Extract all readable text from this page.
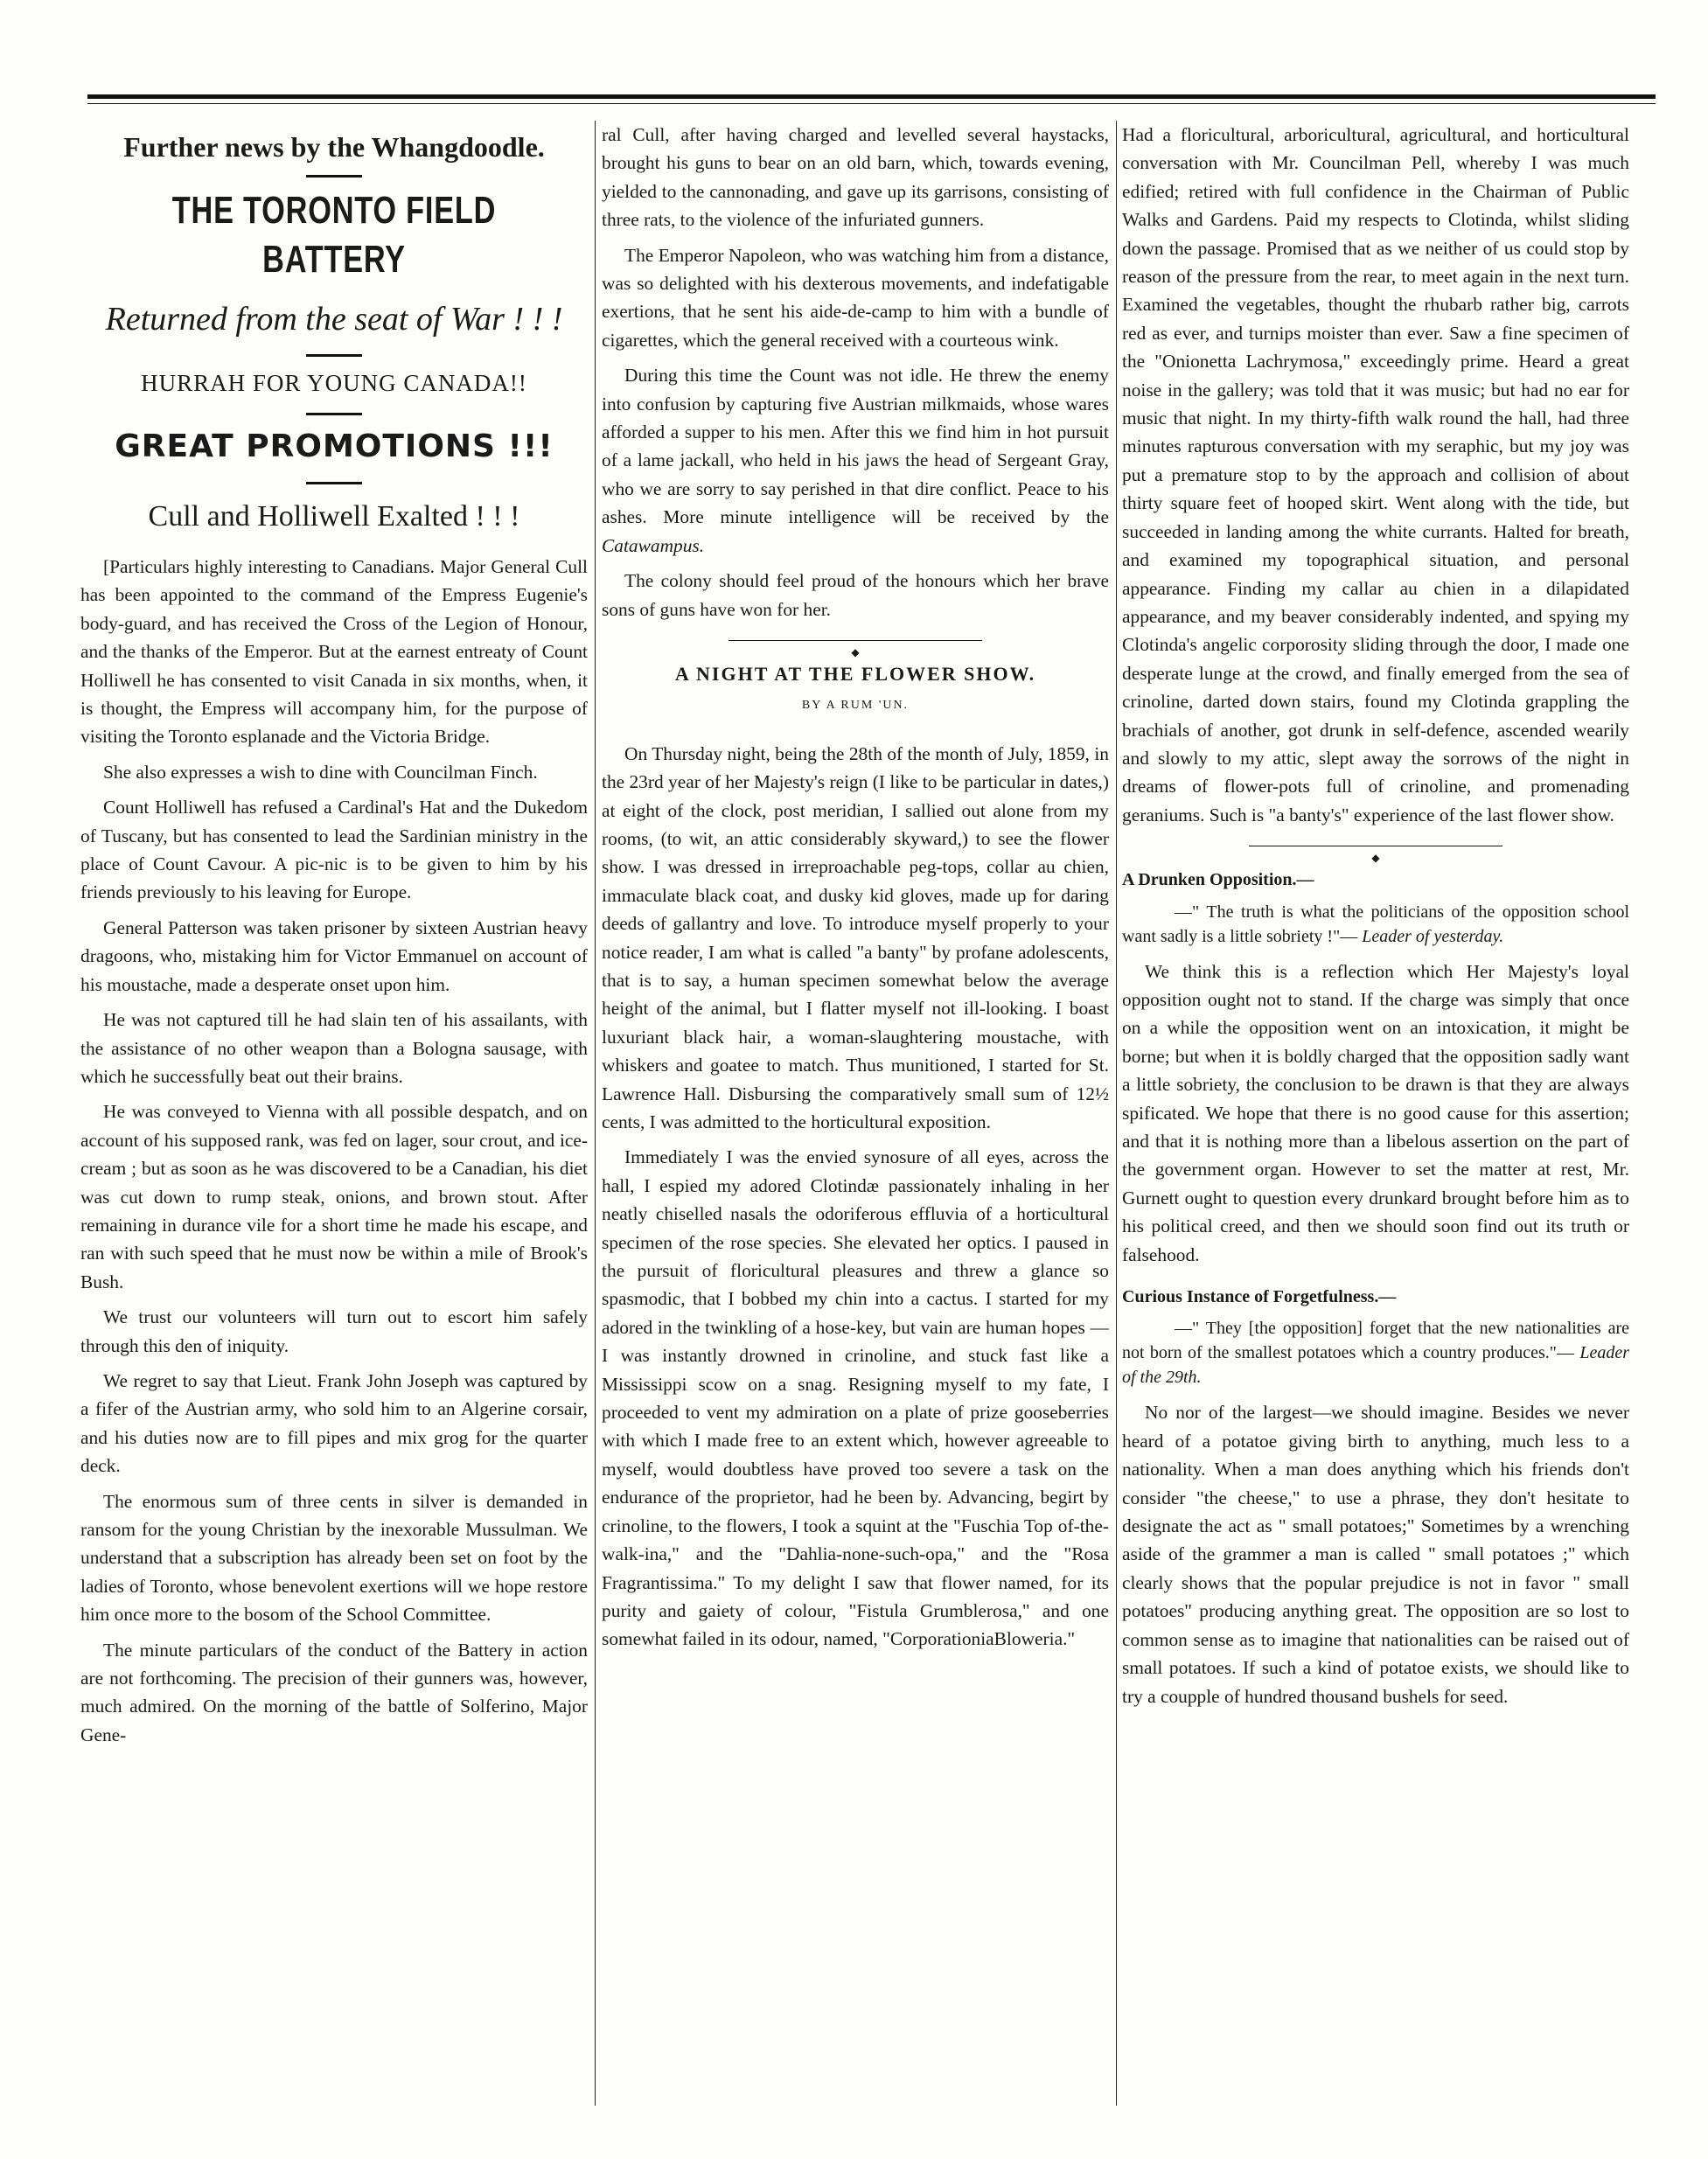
Further news by the Whangdoodle.
THE TORONTO FIELD BATTERY
Returned from the seat of War ! ! !
HURRAH FOR YOUNG CANADA!!
GREAT PROMOTIONS !!!
Cull and Holliwell Exalted ! ! !

[Particulars highly interesting to Canadians. Major General Cull has been appointed to the command of the Empress Eugenie's body-guard, and has received the Cross of the Legion of Honour, and the thanks of the Emperor. But at the earnest entreaty of Count Holliwell he has consented to visit Canada in six months, when, it is thought, the Empress will accompany him, for the purpose of visiting the Toronto esplanade and the Victoria Bridge.

She also expresses a wish to dine with Councilman Finch.

Count Holliwell has refused a Cardinal's Hat and the Dukedom of Tuscany, but has consented to lead the Sardinian ministry in the place of Count Cavour. A pic-nic is to be given to him by his friends previously to his leaving for Europe.

General Patterson was taken prisoner by sixteen Austrian heavy dragoons, who, mistaking him for Victor Emmanuel on account of his moustache, made a desperate onset upon him.

He was not captured till he had slain ten of his assailants, with the assistance of no other weapon than a Bologna sausage, with which he successfully beat out their brains.

He was conveyed to Vienna with all possible despatch, and on account of his supposed rank, was fed on lager, sour crout, and ice-cream ; but as soon as he was discovered to be a Canadian, his diet was cut down to rump steak, onions, and brown stout. After remaining in durance vile for a short time he made his escape, and ran with such speed that he must now be within a mile of Brook's Bush.

We trust our volunteers will turn out to escort him safely through this den of iniquity.

We regret to say that Lieut. Frank John Joseph was captured by a fifer of the Austrian army, who sold him to an Algerine corsair, and his duties now are to fill pipes and mix grog for the quarter deck.

The enormous sum of three cents in silver is demanded in ransom for the young Christian by the inexorable Mussulman. We understand that a subscription has already been set on foot by the ladies of Toronto, whose benevolent exertions will we hope restore him once more to the bosom of the School Committee.

The minute particulars of the conduct of the Battery in action are not forthcoming. The precision of their gunners was, however, much admired. On the morning of the battle of Solferino, Major Gene-

ral Cull, after having charged and levelled several haystacks, brought his guns to bear on an old barn, which, towards evening, yielded to the cannonading, and gave up its garrisons, consisting of three rats, to the violence of the infuriated gunners.

The Emperor Napoleon, who was watching him from a distance, was so delighted with his dexterous movements, and indefatigable exertions, that he sent his aide-de-camp to him with a bundle of cigarettes, which the general received with a courteous wink.

During this time the Count was not idle. He threw the enemy into confusion by capturing five Austrian milkmaids, whose wares afforded a supper to his men. After this we find him in hot pursuit of a lame jackall, who held in his jaws the head of Sergeant Gray, who we are sorry to say perished in that dire conflict. Peace to his ashes. More minute intelligence will be received by the Catawampus.

The colony should feel proud of the honours which her brave sons of guns have won for her.

◆
A NIGHT AT THE FLOWER SHOW.
BY A RUM 'UN.

On Thursday night, being the 28th of the month of July, 1859, in the 23rd year of her Majesty's reign (I like to be particular in dates,) at eight of the clock, post meridian, I sallied out alone from my rooms, (to wit, an attic considerably skyward,) to see the flower show. I was dressed in irreproachable peg-tops, collar au chien, immaculate black coat, and dusky kid gloves, made up for daring deeds of gallantry and love. To introduce myself properly to your notice reader, I am what is called "a banty" by profane adolescents, that is to say, a human specimen somewhat below the average height of the animal, but I flatter myself not ill-looking. I boast luxuriant black hair, a woman-slaughtering moustache, with whiskers and goatee to match. Thus munitioned, I started for St. Lawrence Hall. Disbursing the comparatively small sum of 12½ cents, I was admitted to the horticultural exposition.

Immediately I was the envied synosure of all eyes, across the hall, I espied my adored Clotindæ passionately inhaling in her neatly chiselled nasals the odoriferous effluvia of a horticultural specimen of the rose species. She elevated her optics. I paused in the pursuit of floricultural pleasures and threw a glance so spasmodic, that I bobbed my chin into a cactus. I started for my adored in the twinkling of a hose-key, but vain are human hopes —I was instantly drowned in crinoline, and stuck fast like a Mississippi scow on a snag. Resigning myself to my fate, I proceeded to vent my admiration on a plate of prize gooseberries with which I made free to an extent which, however agreeable to myself, would doubtless have proved too severe a task on the endurance of the proprietor, had he been by. Advancing, begirt by crinoline, to the flowers, I took a squint at the "Fuschia Top of-the-walk-ina," and the "Dahlia-none-such-opa," and the "Rosa Fragrantissima." To my delight I saw that flower named, for its purity and gaiety of colour, "Fistula Grumblerosa," and one somewhat failed in its odour, named, "CorporationiaBloweria."

Had a floricultural, arboricultural, agricultural, and horticultural conversation with Mr. Councilman Pell, whereby I was much edified; retired with full confidence in the Chairman of Public Walks and Gardens. Paid my respects to Clotinda, whilst sliding down the passage. Promised that as we neither of us could stop by reason of the pressure from the rear, to meet again in the next turn. Examined the vegetables, thought the rhubarb rather big, carrots red as ever, and turnips moister than ever. Saw a fine specimen of the "Onionetta Lachrymosa," exceedingly prime. Heard a great noise in the gallery; was told that it was music; but had no ear for music that night. In my thirty-fifth walk round the hall, had three minutes rapturous conversation with my seraphic, but my joy was put a premature stop to by the approach and collision of about thirty square feet of hooped skirt. Went along with the tide, but succeeded in landing among the white currants. Halted for breath, and examined my topographical situation, and personal appearance. Finding my callar au chien in a dilapidated appearance, and my beaver considerably indented, and spying my Clotinda's angelic corporosity sliding through the door, I made one desperate lunge at the crowd, and finally emerged from the sea of crinoline, darted down stairs, found my Clotinda grappling the brachials of another, got drunk in self-defence, ascended wearily and slowly to my attic, slept away the sorrows of the night in dreams of flower-pots full of crinoline, and promenading geraniums. Such is "a banty's" experience of the last flower show.

◆
A Drunken Opposition.—
—" The truth is what the politicians of the opposition school want sadly is a little sobriety !"— Leader of yesterday.

We think this is a reflection which Her Majesty's loyal opposition ought not to stand. If the charge was simply that once on a while the opposition went on an intoxication, it might be borne; but when it is boldly charged that the opposition sadly want a little sobriety, the conclusion to be drawn is that they are always spificated. We hope that there is no good cause for this assertion; and that it is nothing more than a libelous assertion on the part of the government organ. However to set the matter at rest, Mr. Gurnett ought to question every drunkard brought before him as to his political creed, and then we should soon find out its truth or falsehood.

Curious Instance of Forgetfulness.—
—" They [the opposition] forget that the new nationalities are not born of the smallest potatoes which a country produces."— Leader of the 29th.

No nor of the largest—we should imagine. Besides we never heard of a potatoe giving birth to anything, much less to a nationality. When a man does anything which his friends don't consider "the cheese," to use a phrase, they don't hesitate to designate the act as " small potatoes;" Sometimes by a wrenching aside of the grammer a man is called " small potatoes ;" which clearly shows that the popular prejudice is not in favor " small potatoes" producing anything great. The opposition are so lost to common sense as to imagine that nationalities can be raised out of small potatoes. If such a kind of potatoe exists, we should like to try a coupple of hundred thousand bushels for seed.
